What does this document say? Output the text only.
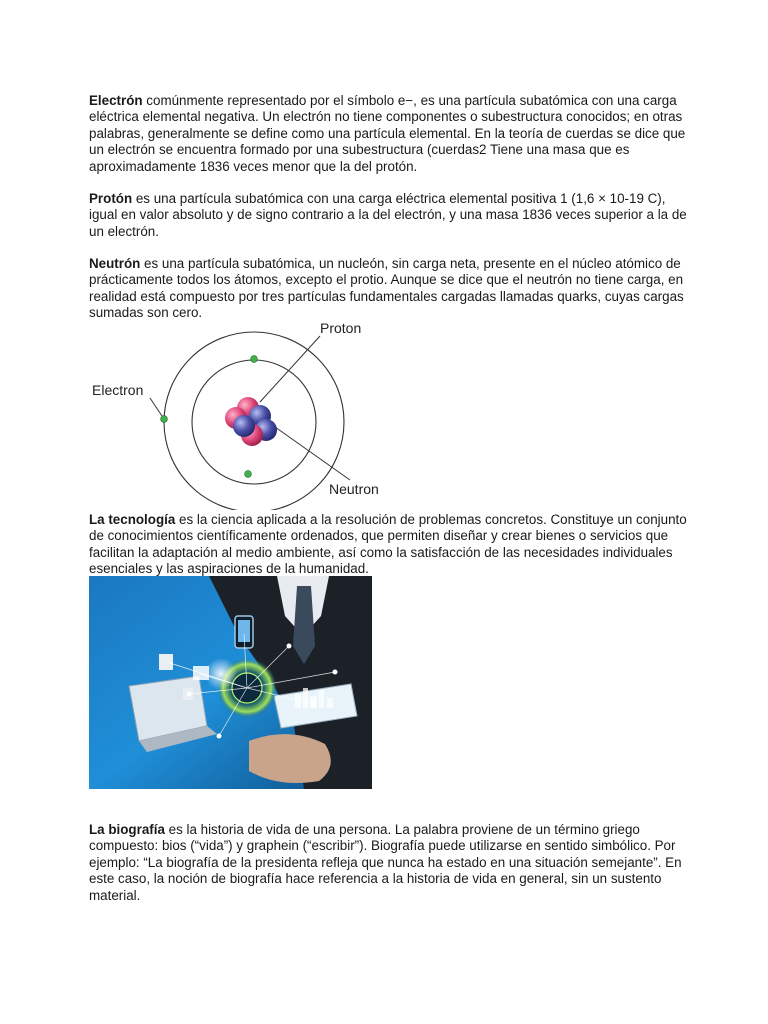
Electrón comúnmente representado por el símbolo e−, es una partícula subatómica con una carga eléctrica elemental negativa. Un electrón no tiene componentes o subestructura conocidos; en otras palabras, generalmente se define como una partícula elemental. En la teoría de cuerdas se dice que un electrón se encuentra formado por una subestructura (cuerdas2 Tiene una masa que es aproximadamente 1836 veces menor que la del protón.

Protón es una partícula subatómica con una carga eléctrica elemental positiva 1 (1,6 × 10-19 C), igual en valor absoluto y de signo contrario a la del electrón, y una masa 1836 veces superior a la de un electrón.

Neutrón es una partícula subatómica, un nucleón, sin carga neta, presente en el núcleo atómico de prácticamente todos los átomos, excepto el protio. Aunque se dice que el neutrón no tiene carga, en realidad está compuesto por tres partículas fundamentales cargadas llamadas quarks, cuyas cargas sumadas son cero.

Proton
Electron
Neutron

La tecnología es la ciencia aplicada a la resolución de problemas concretos. Constituye un conjunto de conocimientos científicamente ordenados, que permiten diseñar y crear bienes o servicios que facilitan la adaptación al medio ambiente, así como la satisfacción de las necesidades individuales esenciales y las aspiraciones de la humanidad.

La biografía es la historia de vida de una persona. La palabra proviene de un término griego compuesto: bios (“vida”) y graphein (“escribir”). Biografía puede utilizarse en sentido simbólico. Por ejemplo: “La biografía de la presidenta refleja que nunca ha estado en una situación semejante”. En este caso, la noción de biografía hace referencia a la historia de vida en general, sin un sustento material.
